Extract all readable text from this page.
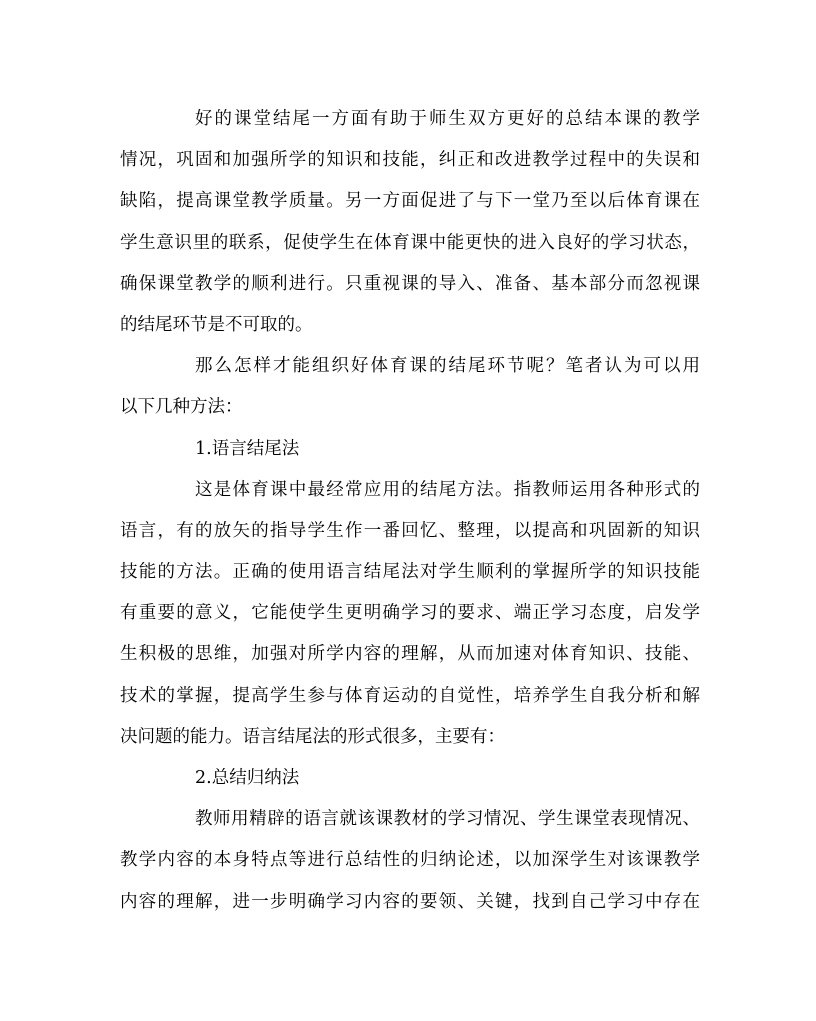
好的课堂结尾一方面有助于师生双方更好的总结本课的教学
情况，巩固和加强所学的知识和技能，纠正和改进教学过程中的失误和
缺陷，提高课堂教学质量。另一方面促进了与下一堂乃至以后体育课在
学生意识里的联系，促使学生在体育课中能更快的进入良好的学习状态，
确保课堂教学的顺利进行。只重视课的导入、准备、基本部分而忽视课
的结尾环节是不可取的。
那么怎样才能组织好体育课的结尾环节呢？笔者认为可以用
以下几种方法：
1.语言结尾法
这是体育课中最经常应用的结尾方法。指教师运用各种形式的
语言，有的放矢的指导学生作一番回忆、整理，以提高和巩固新的知识
技能的方法。正确的使用语言结尾法对学生顺利的掌握所学的知识技能
有重要的意义，它能使学生更明确学习的要求、端正学习态度，启发学
生积极的思维，加强对所学内容的理解，从而加速对体育知识、技能、
技术的掌握，提高学生参与体育运动的自觉性，培养学生自我分析和解
决问题的能力。语言结尾法的形式很多，主要有：
2.总结归纳法
教师用精辟的语言就该课教材的学习情况、学生课堂表现情况、
教学内容的本身特点等进行总结性的归纳论述，以加深学生对该课教学
内容的理解，进一步明确学习内容的要领、关键，找到自己学习中存在
